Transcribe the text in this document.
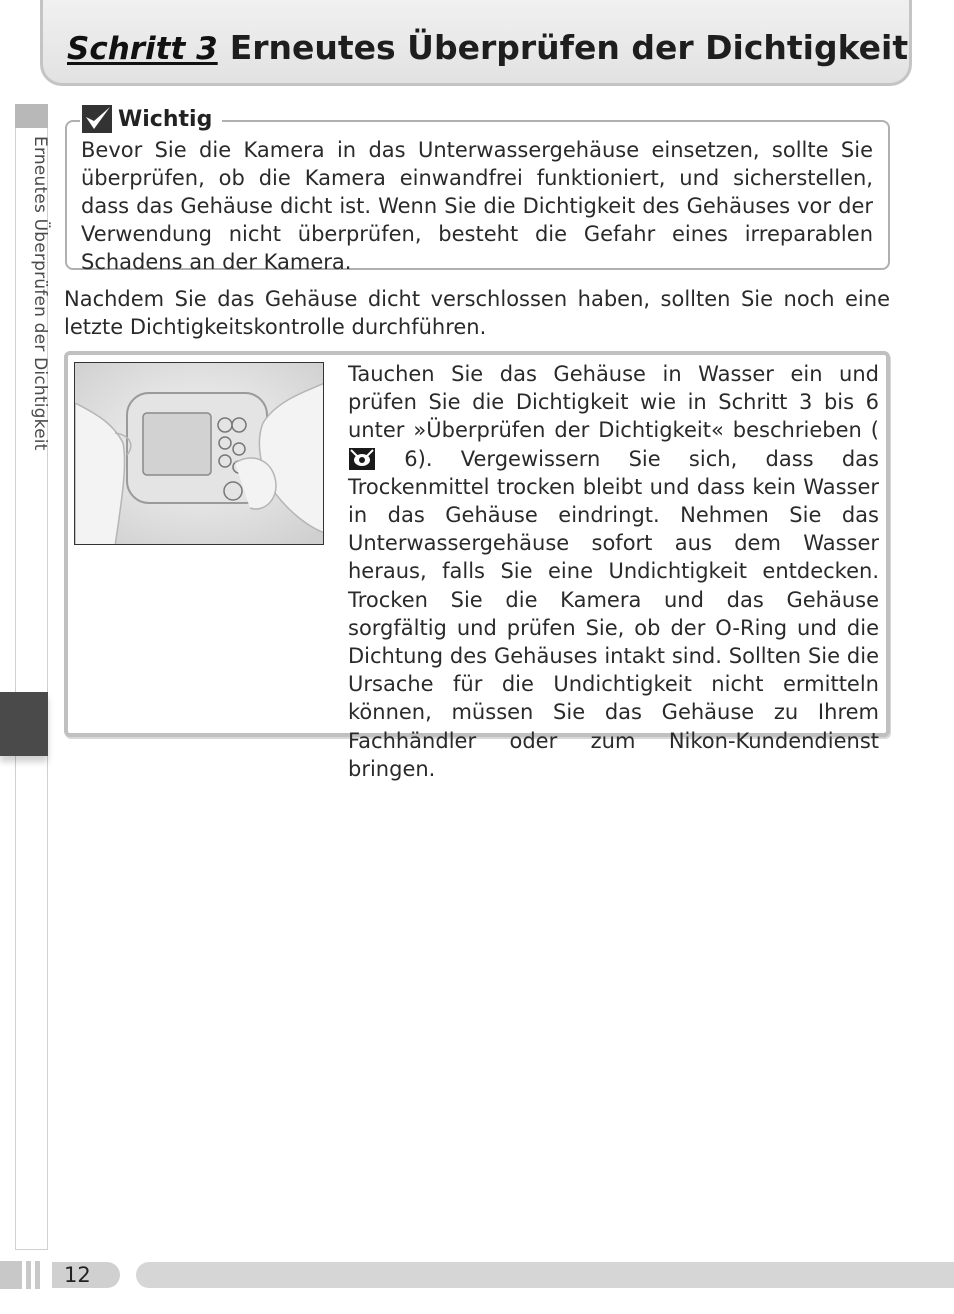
Schritt 3 Erneutes Überprüfen der Dichtigkeit
Erneutes Überprüfen der Dichtigkeit
Wichtig
Bevor Sie die Kamera in das Unterwassergehäuse einsetzen, sollte Sie überprüfen, ob die Kamera einwandfrei funktioniert, und sicherstellen, dass das Gehäuse dicht ist. Wenn Sie die Dichtigkeit des Gehäuses vor der Verwendung nicht überprüfen, besteht die Gefahr eines irreparablen Schadens an der Kamera.
Nachdem Sie das Gehäuse dicht verschlossen haben, sollten Sie noch eine letzte Dichtigkeitskontrolle durchführen.
Tauchen Sie das Gehäuse in Wasser ein und prüfen Sie die Dichtigkeit wie in Schritt 3 bis 6 unter »Überprüfen der Dichtigkeit« beschrieben ( 6). Vergewissern Sie sich, dass das Trockenmittel trocken bleibt und dass kein Wasser in das Gehäuse eindringt. Nehmen Sie das Unterwassergehäuse sofort aus dem Wasser heraus, falls Sie eine Undichtigkeit entdecken. Trocken Sie die Kamera und das Gehäuse sorgfältig und prüfen Sie, ob der O-Ring und die Dichtung des Gehäuses intakt sind. Sollten Sie die Ursache für die Undichtigkeit nicht ermitteln können, müssen Sie das Gehäuse zu Ihrem Fachhändler oder zum Nikon-Kundendienst bringen.
12
